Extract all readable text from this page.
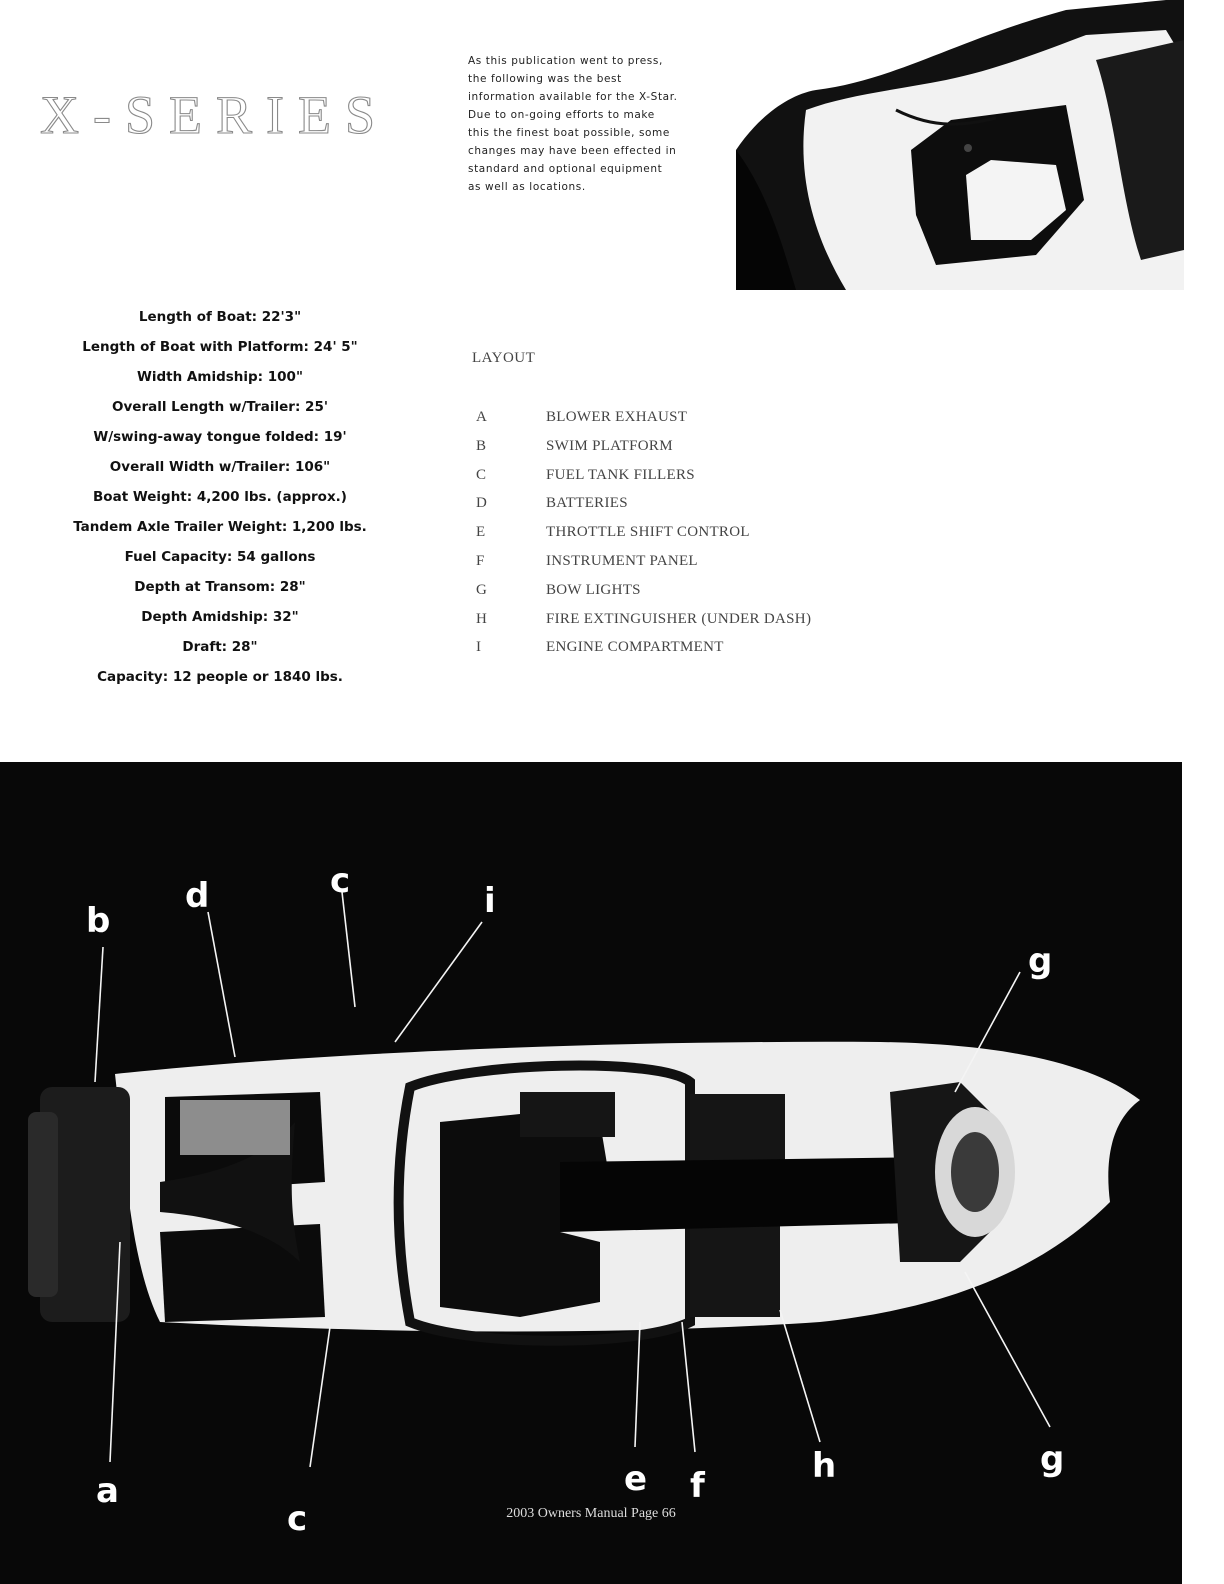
X-SERIES
As this publication went to press, the following was the best information available for the X-Star. Due to on-going efforts to make this the finest boat possible, some changes may have been effected in standard and optional equipment as well as locations.
Length of Boat: 22'3"
Length of Boat with Platform: 24' 5"
Width Amidship: 100"
Overall Length w/Trailer: 25'
W/swing-away tongue folded: 19'
Overall Width w/Trailer: 106"
Boat Weight: 4,200 lbs. (approx.)
Tandem Axle Trailer Weight: 1,200 lbs.
Fuel Capacity: 54 gallons
Depth at Transom: 28"
Depth Amidship: 32"
Draft: 28"
Capacity: 12 people or 1840 lbs.
LAYOUT
A	BLOWER EXHAUST
B	SWIM PLATFORM
C	FUEL TANK FILLERS
D	BATTERIES
E	THROTTLE SHIFT CONTROL
F	INSTRUMENT PANEL
G	BOW LIGHTS
H	FIRE EXTINGUISHER (UNDER DASH)
I	ENGINE COMPARTMENT
b
d	c	i
g
a
c
e f	h	g
2003 Owners Manual Page 66
